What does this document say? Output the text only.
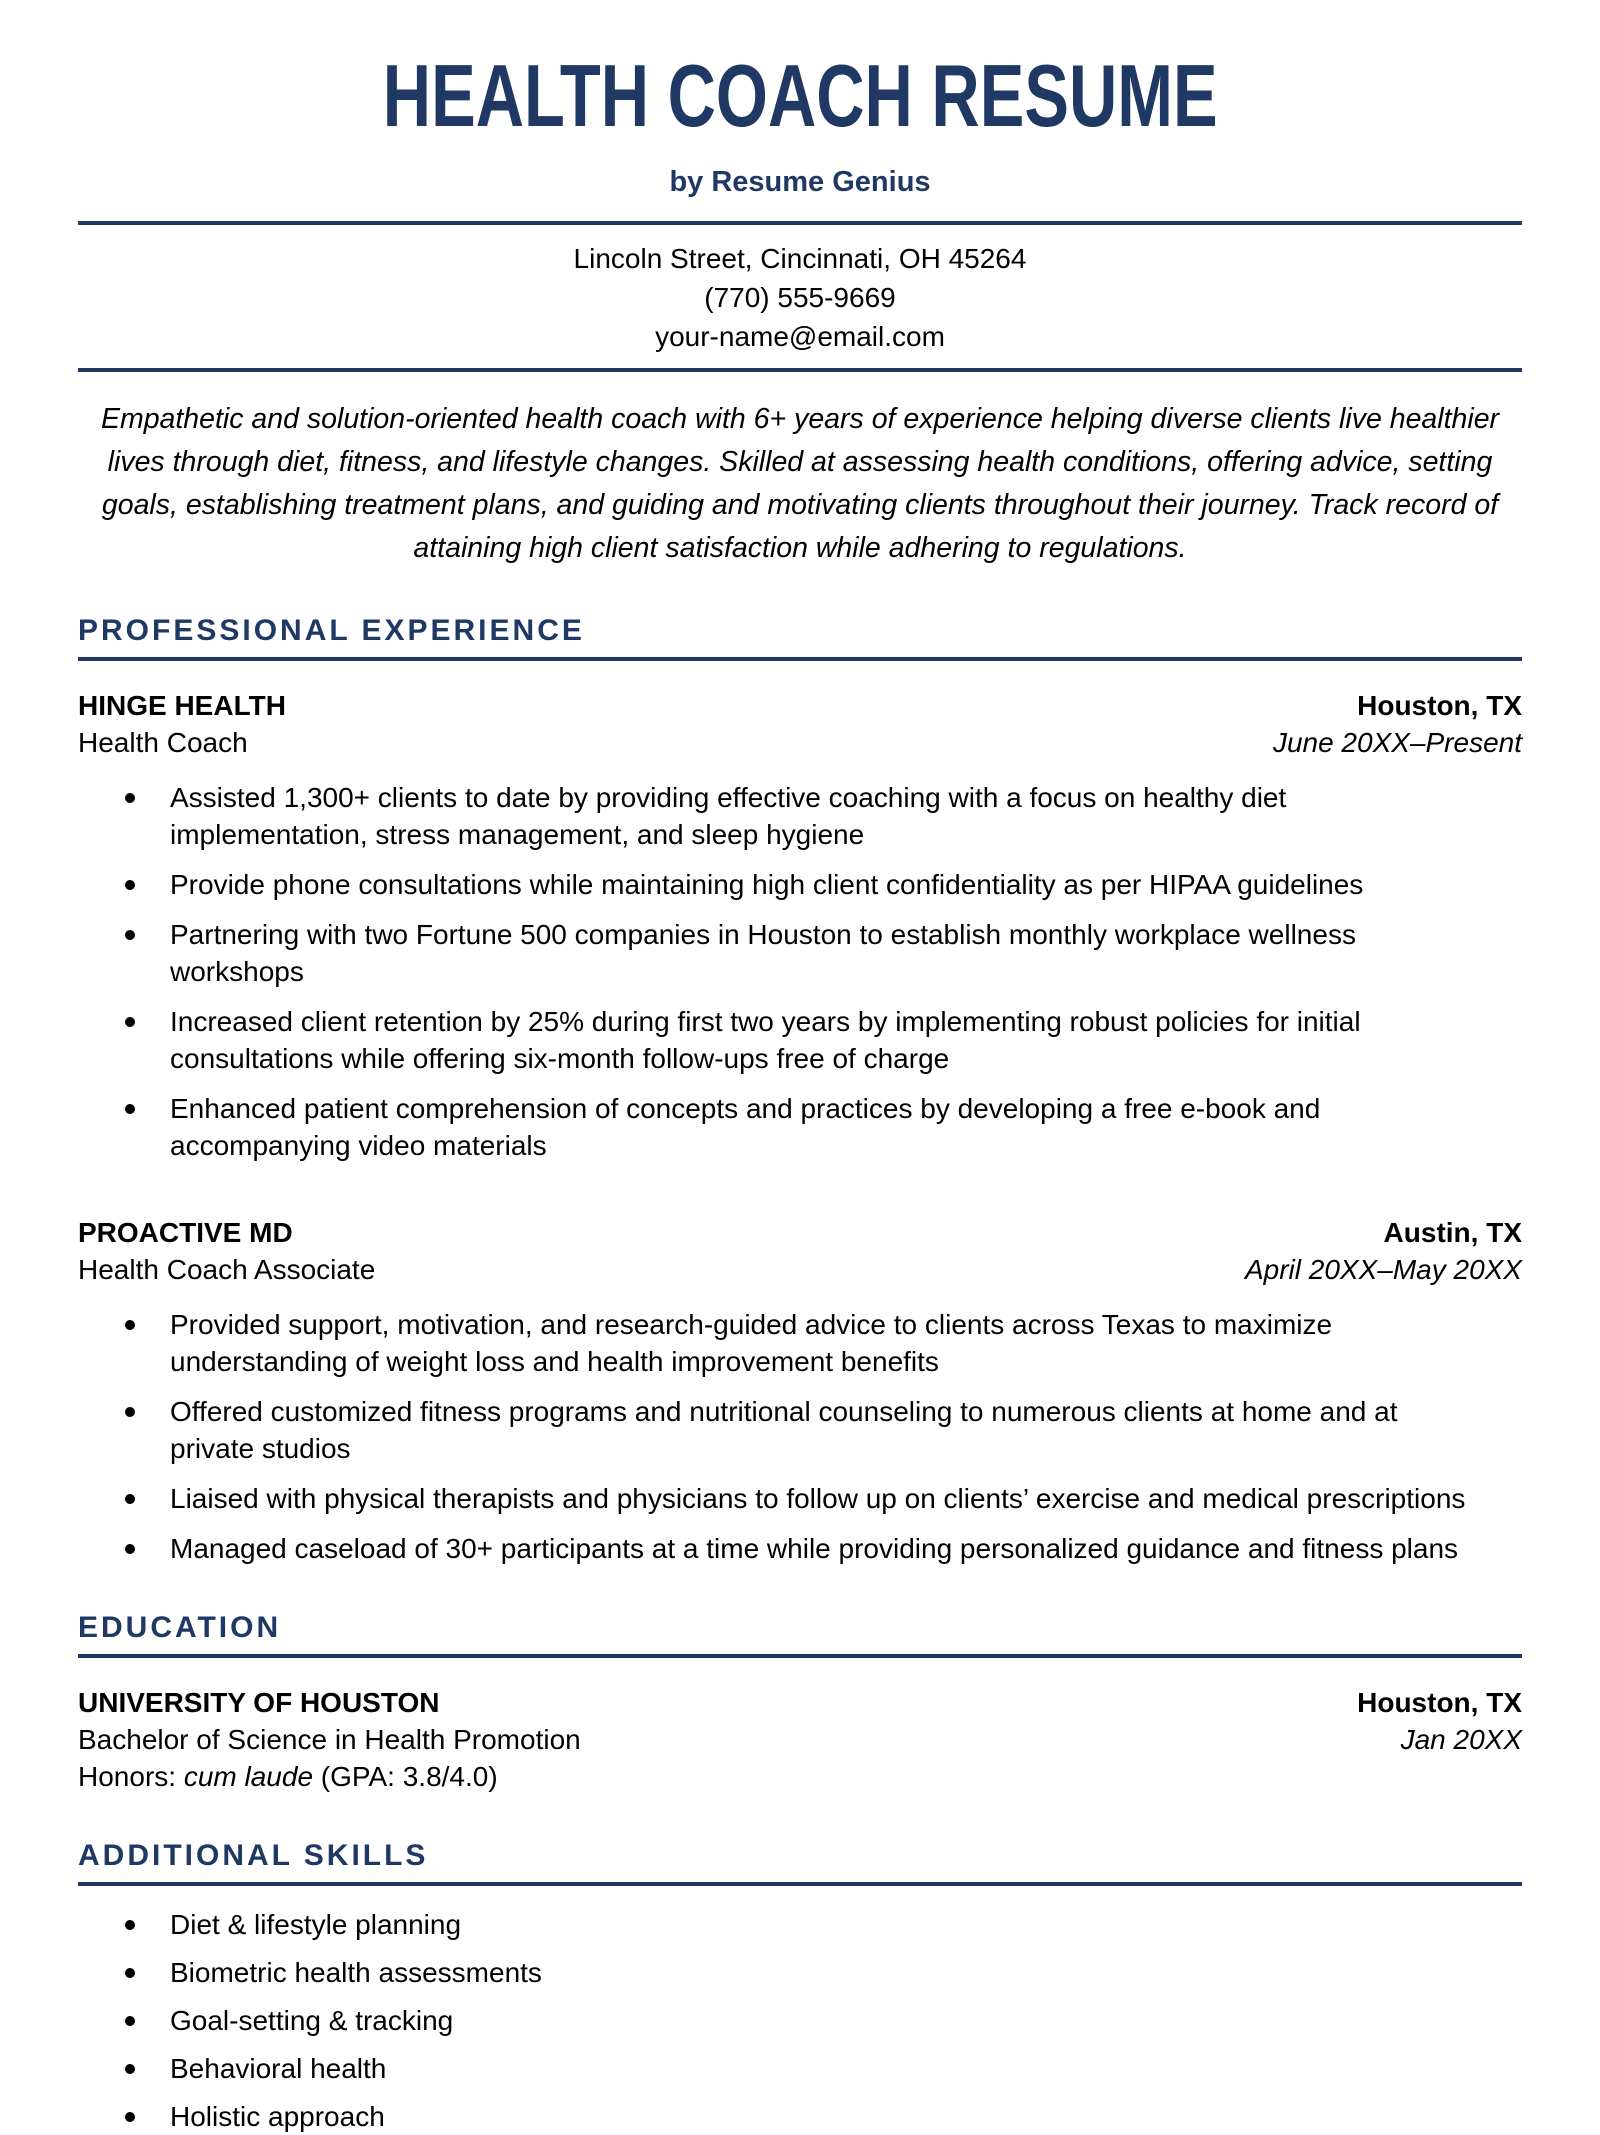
HEALTH COACH RESUME
by Resume Genius
Lincoln Street, Cincinnati, OH 45264
(770) 555-9669
your-name@email.com

Empathetic and solution-oriented health coach with 6+ years of experience helping diverse clients live healthier lives through diet, fitness, and lifestyle changes. Skilled at assessing health conditions, offering advice, setting goals, establishing treatment plans, and guiding and motivating clients throughout their journey. Track record of attaining high client satisfaction while adhering to regulations.

PROFESSIONAL EXPERIENCE
HINGE HEALTH	Houston, TX
Health Coach	June 20XX–Present
Assisted 1,300+ clients to date by providing effective coaching with a focus on healthy diet implementation, stress management, and sleep hygiene
Provide phone consultations while maintaining high client confidentiality as per HIPAA guidelines
Partnering with two Fortune 500 companies in Houston to establish monthly workplace wellness workshops
Increased client retention by 25% during first two years by implementing robust policies for initial consultations while offering six-month follow-ups free of charge
Enhanced patient comprehension of concepts and practices by developing a free e-book and accompanying video materials
PROACTIVE MD	Austin, TX
Health Coach Associate	April 20XX–May 20XX
Provided support, motivation, and research-guided advice to clients across Texas to maximize understanding of weight loss and health improvement benefits
Offered customized fitness programs and nutritional counseling to numerous clients at home and at private studios
Liaised with physical therapists and physicians to follow up on clients’ exercise and medical prescriptions
Managed caseload of 30+ participants at a time while providing personalized guidance and fitness plans
EDUCATION
UNIVERSITY OF HOUSTON	Houston, TX
Bachelor of Science in Health Promotion	Jan 20XX
Honors: cum laude (GPA: 3.8/4.0)
ADDITIONAL SKILLS
Diet & lifestyle planning
Biometric health assessments
Goal-setting & tracking
Behavioral health
Holistic approach
